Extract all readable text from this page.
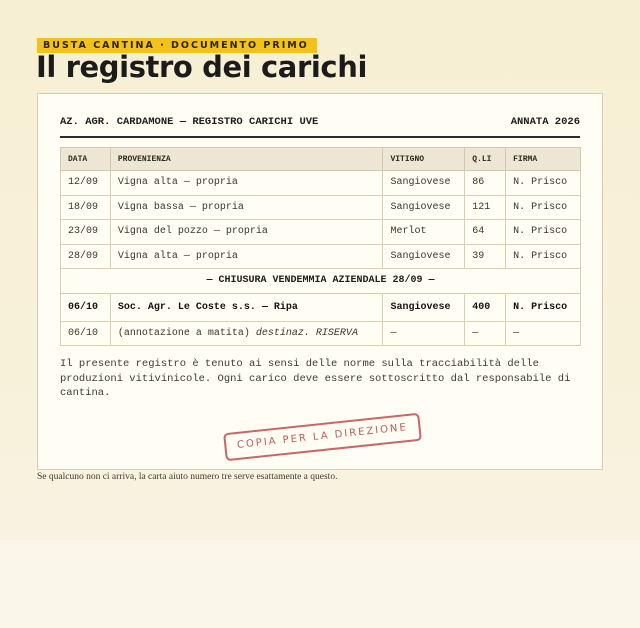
BUSTA CANTINA · DOCUMENTO PRIMO
Il registro dei carichi
AZ. AGR. CARDAMONE — REGISTRO CARICHI UVE	ANNATA 2026
DATA	PROVENIENZA	VITIGNO	Q.LI	FIRMA
12/09	Vigna alta — propria	Sangiovese	86	N. Prisco
18/09	Vigna bassa — propria	Sangiovese	121	N. Prisco
23/09	Vigna del pozzo — propria	Merlot	64	N. Prisco
28/09	Vigna alta — propria	Sangiovese	39	N. Prisco
— CHIUSURA VENDEMMIA AZIENDALE 28/09 —				
06/10	Soc. Agr. Le Coste s.s. — Ripa	Sangiovese	400	N. Prisco
06/10	(annotazione a matita) destinaz. RISERVA	—	—	—

Il presente registro è tenuto ai sensi delle norme sulla tracciabilità delle produzioni vitivinicole. Ogni carico deve essere sottoscritto dal responsabile di cantina.

COPIA PER LA DIREZIONE
Se qualcuno non ci arriva, la carta aiuto numero tre serve esattamente a questo.
